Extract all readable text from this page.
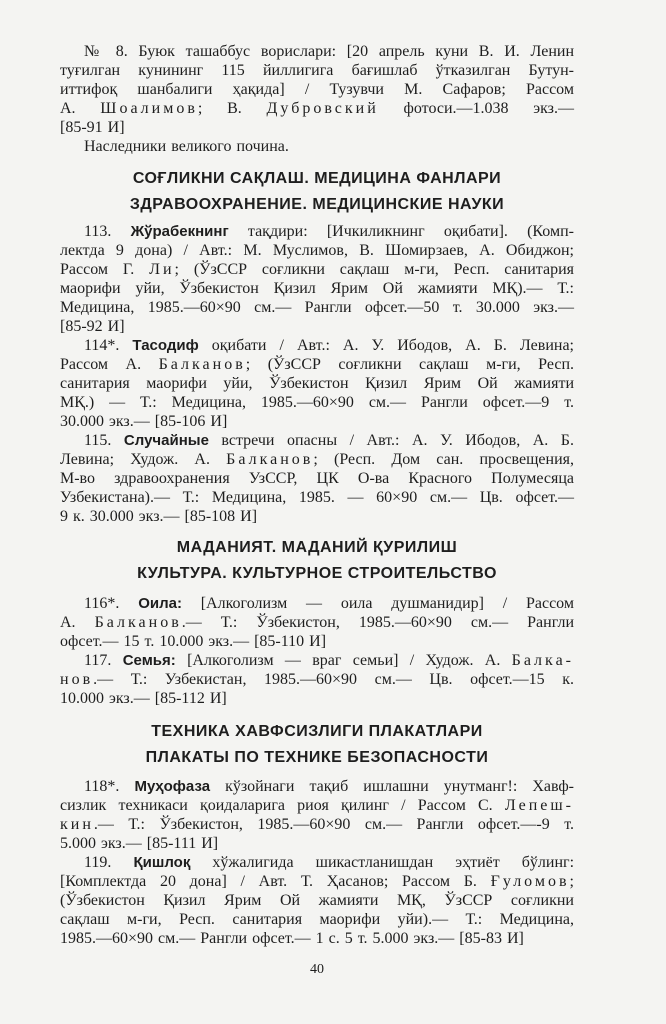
№ 8. Буюк ташаббус ворислари: [20 апрель куни В. И. Ленин
туғилган кунининг 115 йиллигига бағишлаб ўтказилган Бутун-
иттифоқ шанбалиги ҳақида] / Тузувчи М. Сафаров; Рассом
А. Шоалимов; В. Дубровский фотоси.—1.038 экз.—
[85-91 И]
Наследники великого почина.
СОҒЛИКНИ САҚЛАШ. МЕДИЦИНА ФАНЛАРИ
ЗДРАВООХРАНЕНИЕ. МЕДИЦИНСКИЕ НАУКИ
113. Жўрабекнинг тақдири: [Ичкиликнинг оқибати]. (Комп-
лектда 9 дона) / Авт.: М. Муслимов, В. Шомирзаев, А. Обиджон;
Рассом Г. Ли; (ЎзССР соғликни сақлаш м-ги, Респ. санитария
маорифи уйи, Ўзбекистон Қизил Ярим Ой жамияти МҚ).— Т.:
Медицина, 1985.—60×90 см.— Рангли офсет.—50 т. 30.000 экз.—
[85-92 И]
114*. Тасодиф оқибати / Авт.: А. У. Ибодов, А. Б. Левина;
Рассом А. Балканов; (ЎзССР соғликни сақлаш м-ги, Респ.
санитария маорифи уйи, Ўзбекистон Қизил Ярим Ой жамияти
МҚ.) — Т.: Медицина, 1985.—60×90 см.— Рангли офсет.—9 т.
30.000 экз.— [85-106 И]
115. Случайные встречи опасны / Авт.: А. У. Ибодов, А. Б.
Левина; Худож. А. Балканов; (Респ. Дом сан. просвещения,
М-во здравоохранения УзССР, ЦК О-ва Красного Полумесяца
Узбекистана).— Т.: Медицина, 1985. — 60×90 см.— Цв. офсет.—
9 к. 30.000 экз.— [85-108 И]
МАДАНИЯТ. МАДАНИЙ ҚУРИЛИШ
КУЛЬТУРА. КУЛЬТУРНОЕ СТРОИТЕЛЬСТВО
116*. Оила: [Алкоголизм — оила душманидир] / Рассом
А. Балканов.— Т.: Ўзбекистон, 1985.—60×90 см.— Рангли
офсет.— 15 т. 10.000 экз.— [85-110 И]
117. Семья: [Алкоголизм — враг семьи] / Худож. А. Балка-
нов.— Т.: Узбекистан, 1985.—60×90 см.— Цв. офсет.—15 к.
10.000 экз.— [85-112 И]
ТЕХНИКА ХАВФСИЗЛИГИ ПЛАКАТЛАРИ
ПЛАКАТЫ ПО ТЕХНИКЕ БЕЗОПАСНОСТИ
118*. Муҳофаза кўзойнаги тақиб ишлашни унутманг!: Хавф-
сизлик техникаси қоидаларига риоя қилинг / Рассом С. Лепеш-
кин.— Т.: Ўзбекистон, 1985.—60×90 см.— Рангли офсет.—-9 т.
5.000 экз.— [85-111 И]
119. Қишлоқ хўжалигида шикастланишдан эҳтиёт бўлинг:
[Комплектда 20 дона] / Авт. Т. Ҳасанов; Рассом Б. Ғуломов;
(Ўзбекистон Қизил Ярим Ой жамияти МҚ, ЎзССР соғликни
сақлаш м-ги, Респ. санитария маорифи уйи).— Т.: Медицина,
1985.—60×90 см.— Рангли офсет.— 1 с. 5 т. 5.000 экз.— [85-83 И]
40
